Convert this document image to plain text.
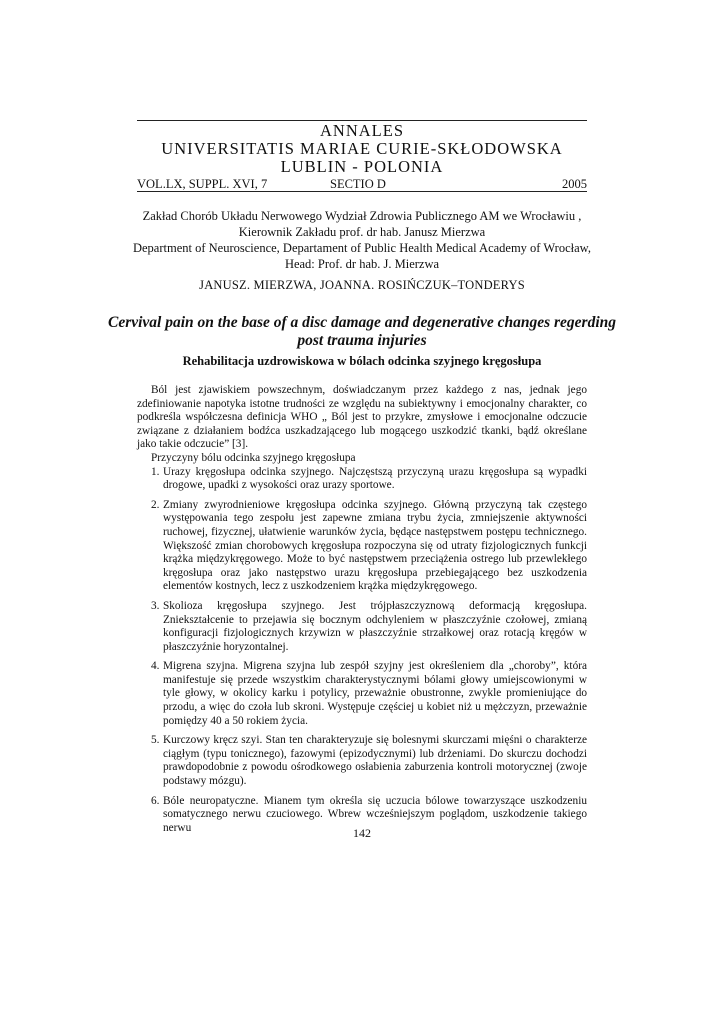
ANNALES
UNIVERSITATIS MARIAE CURIE-SKŁODOWSKA
LUBLIN - POLONIA
VOL.LX, SUPPL. XVI, 7	SECTIO D	2005
Zakład Chorób Układu Nerwowego Wydział Zdrowia Publicznego AM we Wrocławiu ,
Kierownik Zakładu prof. dr hab. Janusz Mierzwa
Department of Neuroscience, Departament of Public Health Medical Academy of Wrocław,
Head: Prof. dr hab. J. Mierzwa
JANUSZ. MIERZWA, JOANNA. ROSIŃCZUK–TONDERYS
Cervival pain on the base of a disc damage and degenerative changes regerding post trauma injuries
Rehabilitacja uzdrowiskowa w bólach odcinka szyjnego kręgosłupa

Ból jest zjawiskiem powszechnym, doświadczanym przez każdego z nas, jednak jego zdefiniowanie napotyka istotne trudności ze względu na subiektywny i emocjonalny charakter, co podkreśla współczesna definicja WHO „ Ból jest to przykre, zmysłowe i emocjonalne odczucie związane z działaniem bodźca uszkadzającego lub mogącego uszkodzić tkanki, bądź określane jako takie odczucie” [3].

Przyczyny bólu odcinka szyjnego kręgosłupa

1. Urazy kręgosłupa odcinka szyjnego. Najczęstszą przyczyną urazu kręgosłupa są wypadki drogowe, upadki z wysokości oraz urazy sportowe.
2. Zmiany zwyrodnieniowe kręgosłupa odcinka szyjnego. Główną przyczyną tak częstego występowania tego zespołu jest zapewne zmiana trybu życia, zmniejszenie aktywności ruchowej, fizycznej, ułatwienie warunków życia, będące następstwem postępu technicznego. Większość zmian chorobowych kręgosłupa rozpoczyna się od utraty fizjologicznych funkcji krążka międzykręgowego. Może to być następstwem przeciążenia ostrego lub przewlekłego kręgosłupa oraz jako następstwo urazu kręgosłupa przebiegającego bez uszkodzenia elementów kostnych, lecz z uszkodzeniem krążka międzykręgowego.
3. Skolioza kręgosłupa szyjnego. Jest trójpłaszczyznową deformacją kręgosłupa. Zniekształcenie to przejawia się bocznym odchyleniem w płaszczyźnie czołowej, zmianą konfiguracji fizjologicznych krzywizn w płaszczyźnie strzałkowej oraz rotacją kręgów w płaszczyźnie horyzontalnej.
4. Migrena szyjna. Migrena szyjna lub zespół szyjny jest określeniem dla „choroby”, która manifestuje się przede wszystkim charakterystycznymi bólami głowy umiejscowionymi w tyle głowy, w okolicy karku i potylicy, przeważnie obustronne, zwykle promieniujące do przodu, a więc do czoła lub skroni. Występuje częściej u kobiet niż u mężczyzn, przeważnie pomiędzy 40 a 50 rokiem życia.
5. Kurczowy kręcz szyi. Stan ten charakteryzuje się bolesnymi skurczami mięśni o charakterze ciągłym (typu tonicznego), fazowymi (epizodycznymi) lub drżeniami. Do skurczu dochodzi prawdopodobnie z powodu ośrodkowego osłabienia zaburzenia kontroli motorycznej (zwoje podstawy mózgu).
6. Bóle neuropatyczne. Mianem tym określa się uczucia bólowe towarzyszące uszkodzeniu somatycznego nerwu czuciowego. Wbrew wcześniejszym poglądom, uszkodzenie takiego nerwu	142
